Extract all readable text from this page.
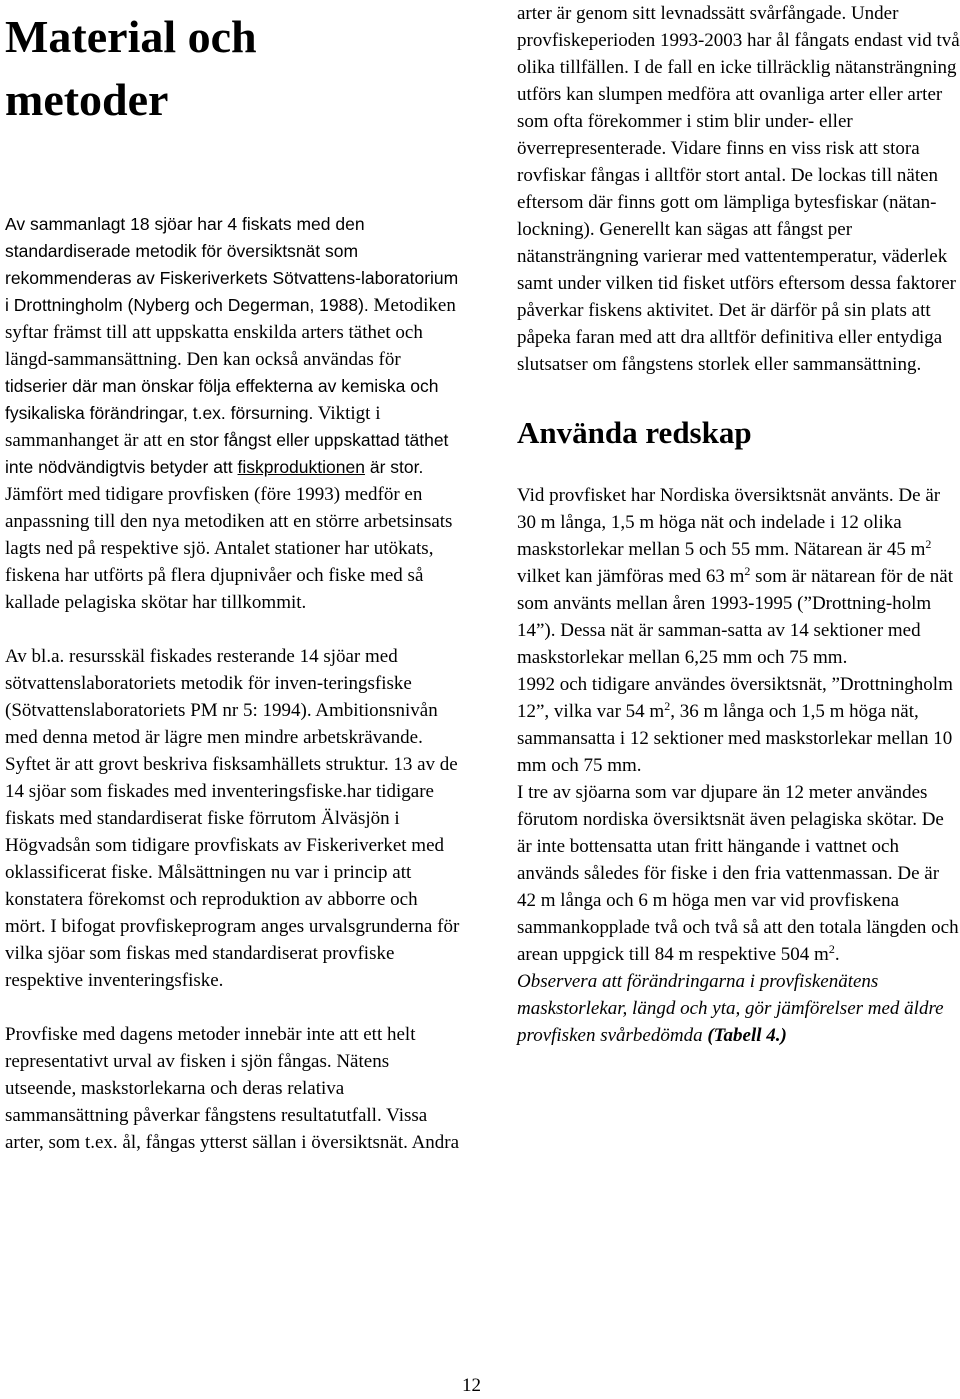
Material och metoder

Av sammanlagt 18 sjöar har 4 fiskats med den standardiserade metodik för översiktsnät som rekommenderas av Fiskeriverkets Sötvattens-laboratorium i Drottningholm (Nyberg och Degerman, 1988). Metodiken syftar främst till att uppskatta enskilda arters täthet och längd-sammansättning. Den kan också användas för tidserier där man önskar följa effekterna av kemiska och fysikaliska förändringar, t.ex. försurning. Viktigt i sammanhanget är att en stor fångst eller uppskattad täthet inte nödvändigtvis betyder att fiskproduktionen är stor. Jämfört med tidigare provfisken (före 1993) medför en anpassning till den nya metodiken att en större arbetsinsats lagts ned på respektive sjö. Antalet stationer har utökats, fiskena har utförts på flera djupnivåer och fiske med så kallade pelagiska skötar har tillkommit.

Av bl.a. resursskäl fiskades resterande 14 sjöar med sötvattenslaboratoriets metodik för inven-teringsfiske (Sötvattenslaboratoriets PM nr 5: 1994). Ambitionsnivån med denna metod är lägre men mindre arbetskrävande. Syftet är att grovt beskriva fisksamhällets struktur. 13 av de 14 sjöar som fiskades med inventeringsfiske.har tidigare fiskats med standardiserat fiske förrutom Älväsjön i Högvadsån som tidigare provfiskats av Fiskeriverket med oklassificerat fiske. Målsättningen nu var i princip att konstatera förekomst och reproduktion av abborre och mört. I bifogat provfiskeprogram anges urvalsgrunderna för vilka sjöar som fiskas med standardiserat provfiske respektive inventeringsfiske.

Provfiske med dagens metoder innebär inte att ett helt representativt urval av fisken i sjön fångas. Nätens utseende, maskstorlekarna och deras relativa sammansättning påverkar fångstens resultatutfall. Vissa arter, som t.ex. ål, fångas ytterst sällan i översiktsnät. Andra

arter är genom sitt levnadssätt svårfångade. Under provfiskeperioden 1993-2003 har ål fångats endast vid två olika tillfällen. I de fall en icke tillräcklig nätansträngning utförs kan slumpen medföra att ovanliga arter eller arter som ofta förekommer i stim blir under- eller överrepresenterade. Vidare finns en viss risk att stora rovfiskar fångas i alltför stort antal. De lockas till näten eftersom där finns gott om lämpliga bytesfiskar (nätan-lockning). Generellt kan sägas att fångst per nätansträngning varierar med vattentemperatur, väderlek samt under vilken tid fisket utförs eftersom dessa faktorer påverkar fiskens aktivitet. Det är därför på sin plats att påpeka faran med att dra alltför definitiva eller entydiga slutsatser om fångstens storlek eller sammansättning.

Använda redskap

Vid provfisket har Nordiska översiktsnät använts. De är 30 m långa, 1,5 m höga nät och indelade i 12 olika maskstorlekar mellan 5 och 55 mm. Nätarean är 45 $m^2$ vilket kan jämföras med 63 $m^2$ som är nätarean för de nät som använts mellan åren 1993-1995 (”Drottning-holm 14”). Dessa nät är samman-satta av 14 sektioner med maskstorlekar mellan 6,25 mm och 75 mm.

1992 och tidigare användes översiktsnät, ”Drottningholm 12”, vilka var 54 $m^2$, 36 m långa och 1,5 m höga nät, sammansatta i 12 sektioner med maskstorlekar mellan 10 mm och 75 mm.

I tre av sjöarna som var djupare än 12 meter användes förutom nordiska översiktsnät även pelagiska skötar. De är inte bottensatta utan fritt hängande i vattnet och används således för fiske i den fria vattenmassan. De är 42 m långa och 6 m höga men var vid provfiskena sammankopplade två och två så att den totala längden och arean uppgick till 84 m respektive 504 $m^2$.

Observera att förändringarna i provfiskenätens maskstorlekar, längd och yta, gör jämförelser med äldre provfisken svårbedömda (Tabell 4.)

12
